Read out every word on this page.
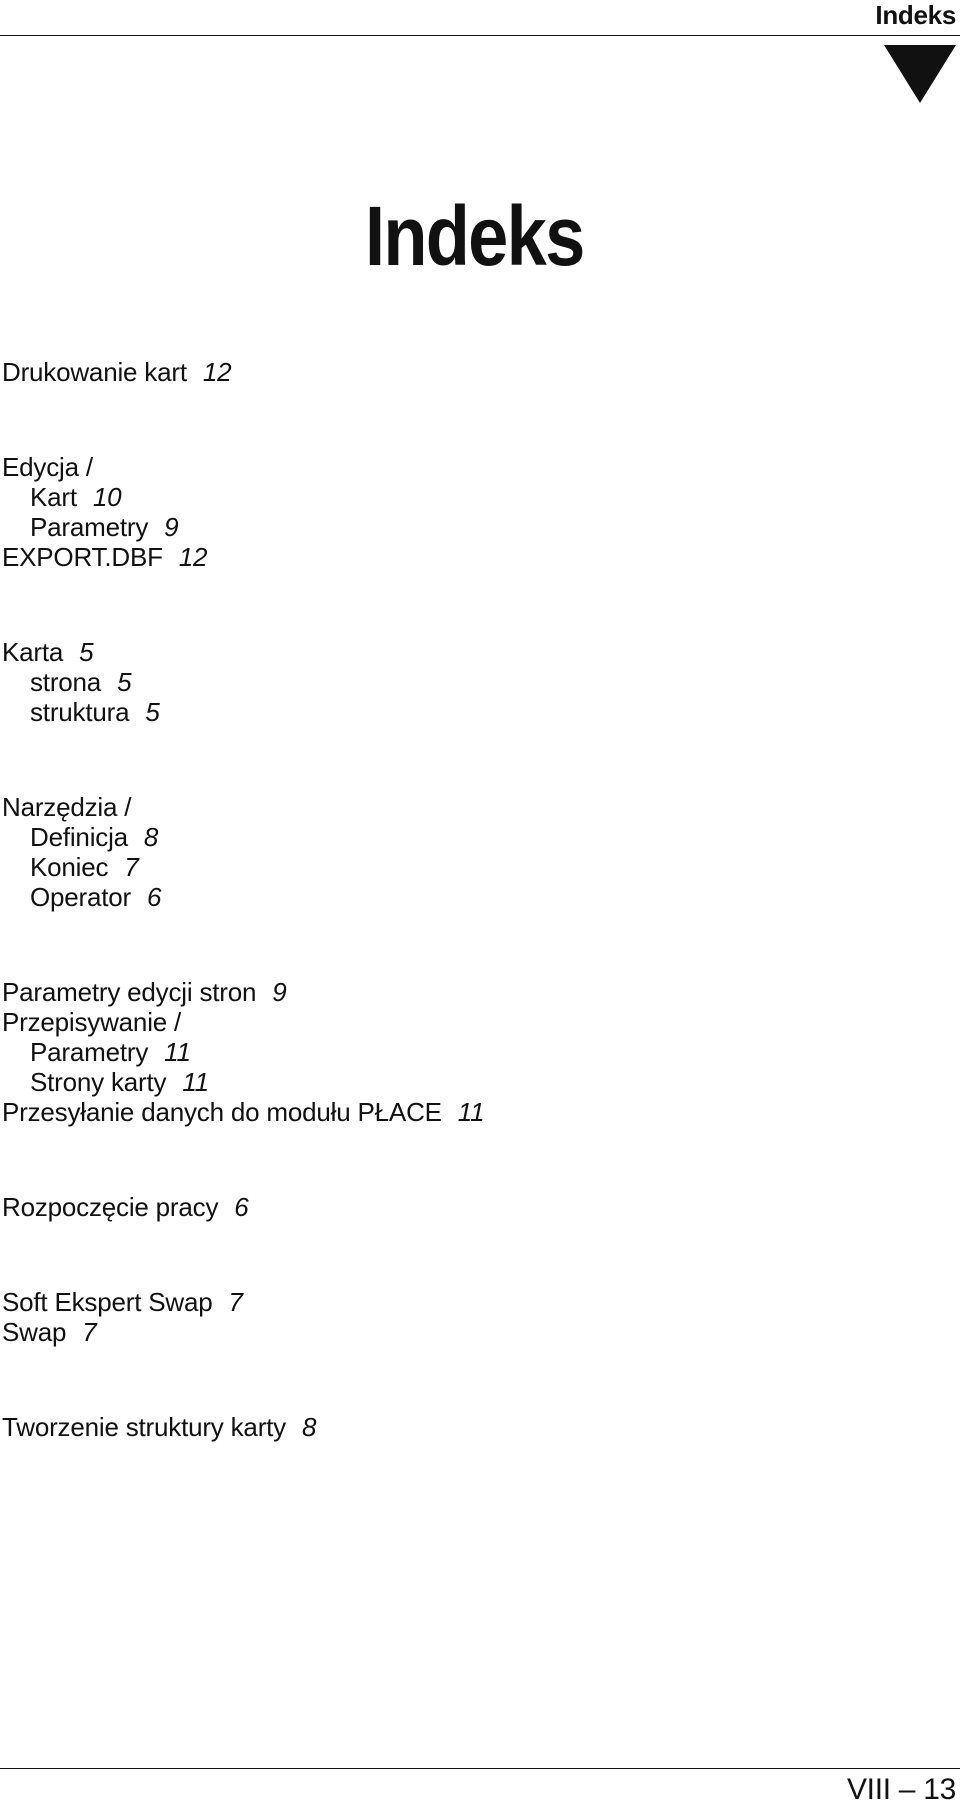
Indeks
Indeks
Drukowanie kart 12
Edycja /
Kart 10
Parametry 9
EXPORT.DBF 12
Karta 5
strona 5
struktura 5
Narzędzia /
Definicja 8
Koniec 7
Operator 6
Parametry edycji stron 9
Przepisywanie /
Parametry 11
Strony karty 11
Przesyłanie danych do modułu PŁACE 11
Rozpoczęcie pracy 6
Soft Ekspert Swap 7
Swap 7
Tworzenie struktury karty 8
VIII – 13
